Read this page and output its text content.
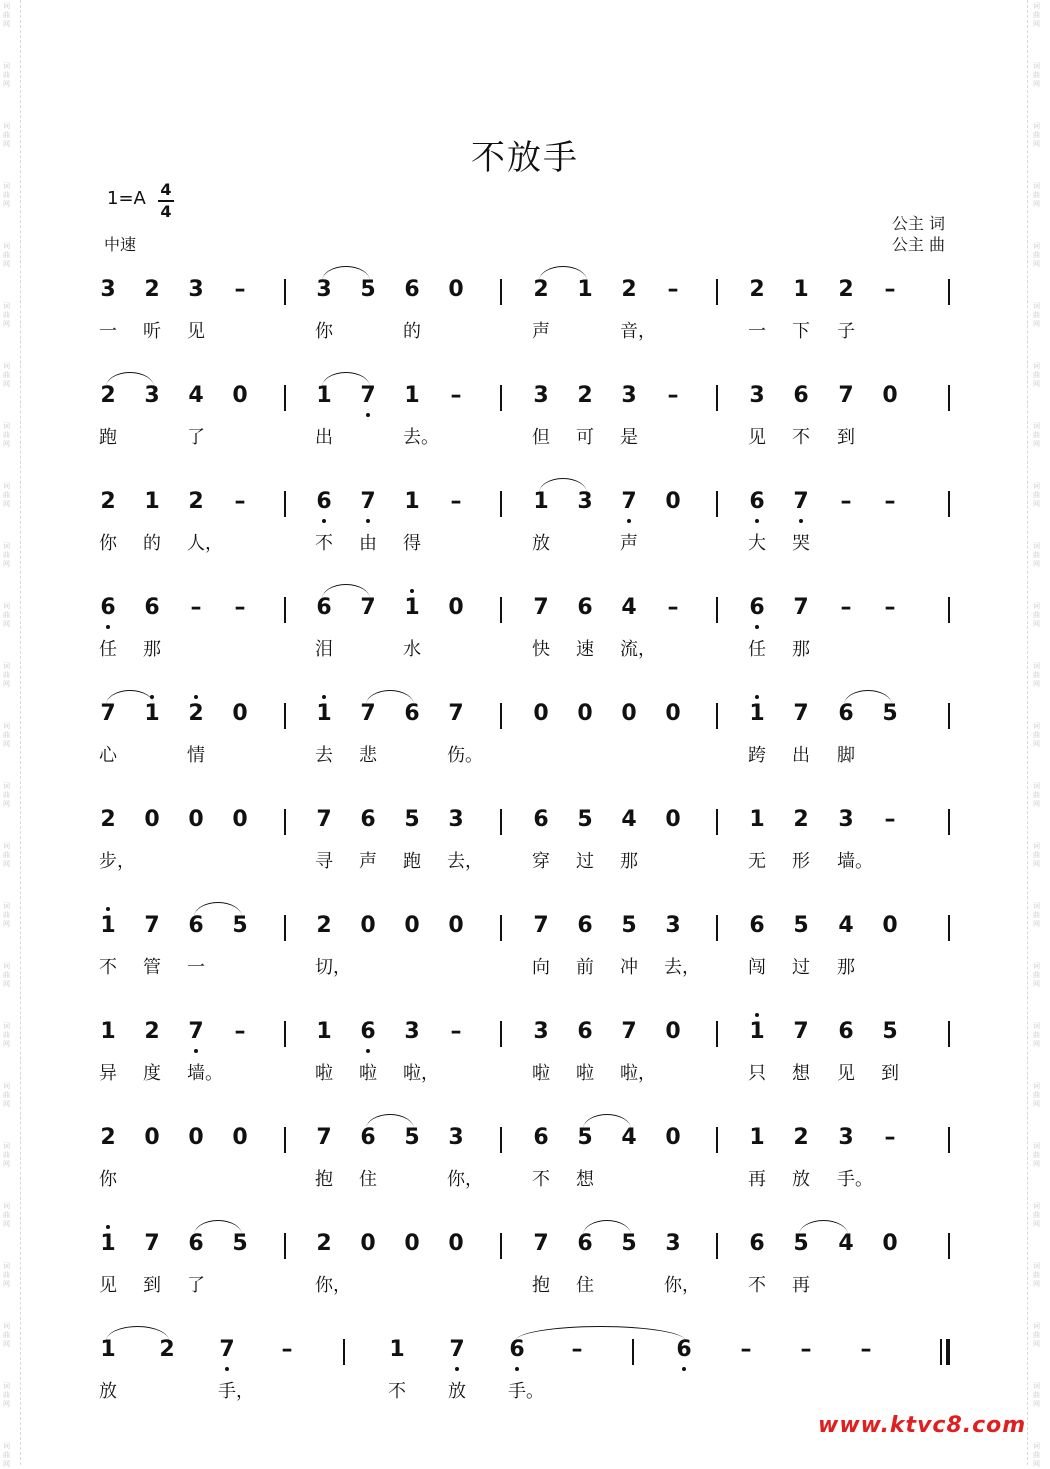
词
曲
网
词
曲
网
词
曲
网
词
曲
网
词
曲
网
词
曲
网
词
曲
网
词
曲
网
词
曲
网
词
曲
网
词
曲
网
词
曲
网
词
曲
网
词
曲
网
词
曲
网
词
曲
网
词
曲
网
词
曲
网
词
曲
网
词
曲
网
词
曲
网
词
曲
网
词
曲
网
词
曲
网
词
曲
网
词
曲
网
词
曲
网
词
曲
网
词
曲
网
词
曲
网
词
曲
网
词
曲
网
词
曲
网
词
曲
网
词
曲
网
词
曲
网
词
曲
网
词
曲
网
词
曲
网
词
曲
网
词
曲
网
词
曲
网
词
曲
网
词
曲
网
词
曲
网
词
曲
网
词
曲
网
词
曲
网
词
曲
网
词
曲
网
不放手
1=A 4
4
中速
公主 词
公主 曲
3
一
2
听
3
见
–	3
你
5	6
的
0	2
声
1	2
音，
–	2
一
1
下
2
子
–
2
跑
3	4
了
0	1
出
7	1
去。
–	3
但
2
可
3
是
–	3
见
6
不
7
到
0
2
你
1
的
2
人，
–	6
不
7
由
1
得
–	1
放
3	7
声
0	6
大
7
哭
–	–
6
任
6
那
–	–	6
泪
7	1
水
0	7
快
6
速
4
流，
–	6
任
7
那
–	–
7
心
1	2
情
0	1
去
7
悲
6	7
伤。
0	0	0	0	1
跨
7
出
6
脚
5
2
步，
0	0	0	7
寻
6
声
5
跑
3
去，
6
穿
5
过
4
那
0	1
无
2
形
3
墙。
–
1
不
7
管
6
一
5	2
切，
0	0	0	7
向
6
前
5
冲
3
去，
6
闯
5
过
4
那
0
1
异
2
度
7
墙。
–	1
啦
6
啦
3
啦，
–	3
啦
6
啦
7
啦，
0	1
只
7
想
6
见
5
到
2
你
0	0	0	7
抱
6
住
5	3
你，
6
不
5
想
4	0	1
再
2
放
3
手。
–
1
见
7
到
6
了
5	2
你，
0	0	0	7
抱
6
住
5	3
你，
6
不
5
再
4	0
1
放
2	7
手，
–	1
不
7
放
6
手。
–	6	–	–	–
www.ktvc8.com
